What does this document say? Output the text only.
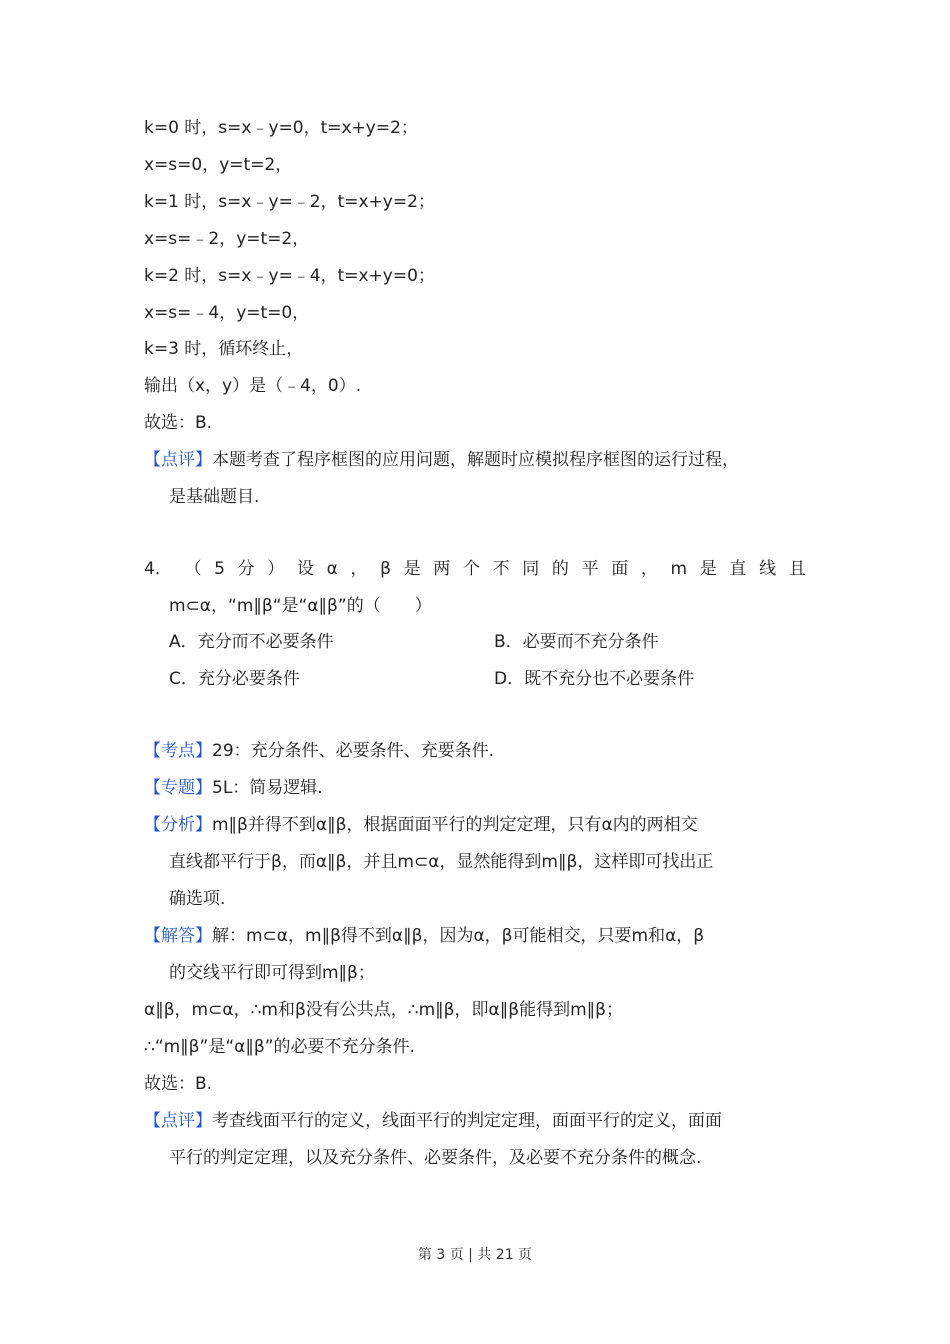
k=0 时，s=x﹣y=0，t=x+y=2；
x=s=0，y=t=2，
k=1 时，s=x﹣y=﹣2，t=x+y=2；
x=s=﹣2，y=t=2，
k=2 时，s=x﹣y=﹣4，t=x+y=0；
x=s=﹣4，y=t=0，
k=3 时，循环终止，
输出（x，y）是（﹣4，0）.
故选：B.
【点评】本题考查了程序框图的应用问题，解题时应模拟程序框图的运行过程，
是基础题目.
4． （ 5 分 ） 设 α ， β 是 两 个 不 同 的 平 面 ， m 是 直 线 且
m⊂α，“m∥β“是“α∥β”的（　　）
A．充分而不必要条件	B．必要而不充分条件
C．充分必要条件	D．既不充分也不必要条件
【考点】29：充分条件、必要条件、充要条件.
【专题】5L：简易逻辑.
【分析】m∥β并得不到α∥β，根据面面平行的判定定理，只有α内的两相交
直线都平行于β，而α∥β，并且m⊂α，显然能得到m∥β，这样即可找出正
确选项.
【解答】解：m⊂α，m∥β得不到α∥β，因为α，β可能相交，只要m和α，β
的交线平行即可得到m∥β；
α∥β，m⊂α，∴m和β没有公共点，∴m∥β，即α∥β能得到m∥β；
∴“m∥β”是“α∥β”的必要不充分条件.
故选：B.
【点评】考查线面平行的定义，线面平行的判定定理，面面平行的定义，面面
平行的判定定理，以及充分条件、必要条件，及必要不充分条件的概念.
第 3 页 | 共 21 页
